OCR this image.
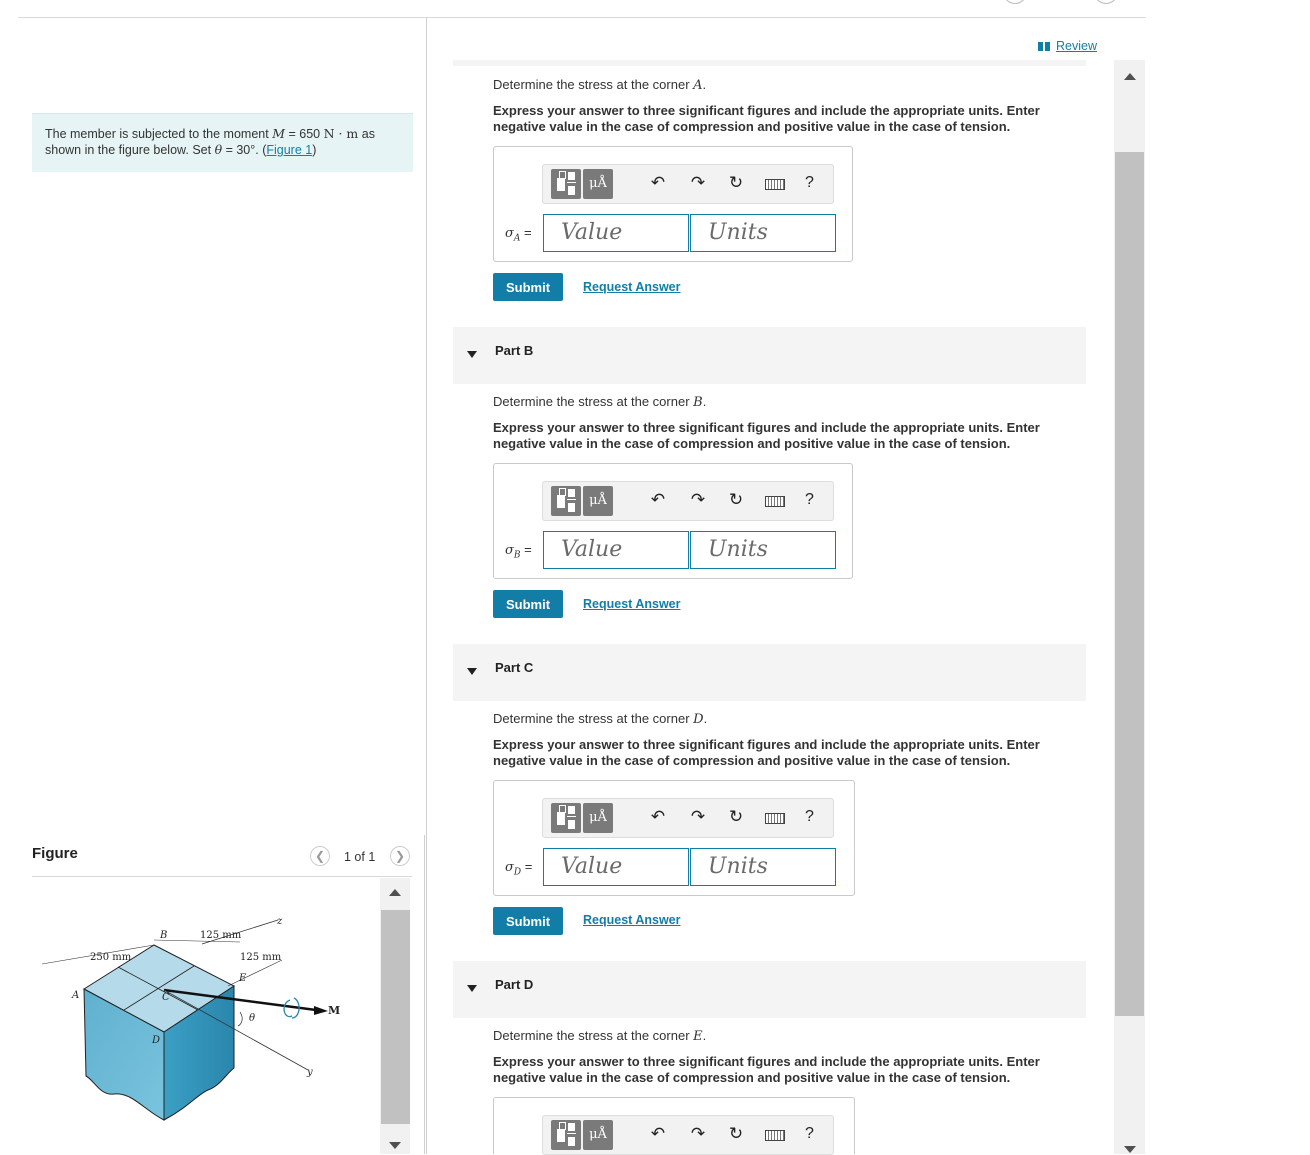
The member is subjected to the moment M = 650 N · m as shown in the figure below. Set θ = 30°. (Figure 1)
Figure	❮	1 of 1	❯
250 mm
125 mm
125 mm
A
B
C
D
E
z
y
M
θ
Review
Determine the stress at the corner A.
Express your answer to three significant figures and include the appropriate units. Enter negative value in the case of compression and positive value in the case of tension.
μÅ	↶ ↷ ↻	?
$\sigma_A$ =	Value	Units
Submit	Request Answer
Part B
Determine the stress at the corner B.
Express your answer to three significant figures and include the appropriate units. Enter negative value in the case of compression and positive value in the case of tension.
μÅ	↶ ↷ ↻	?
$\sigma_B$ =	Value	Units
Submit	Request Answer
Part C
Determine the stress at the corner D.
Express your answer to three significant figures and include the appropriate units. Enter negative value in the case of compression and positive value in the case of tension.
μÅ	↶ ↷ ↻	?
$\sigma_D$ =	Value	Units
Submit	Request Answer
Part D
Determine the stress at the corner E.
Express your answer to three significant figures and include the appropriate units. Enter negative value in the case of compression and positive value in the case of tension.
μÅ	↶ ↷ ↻	?
